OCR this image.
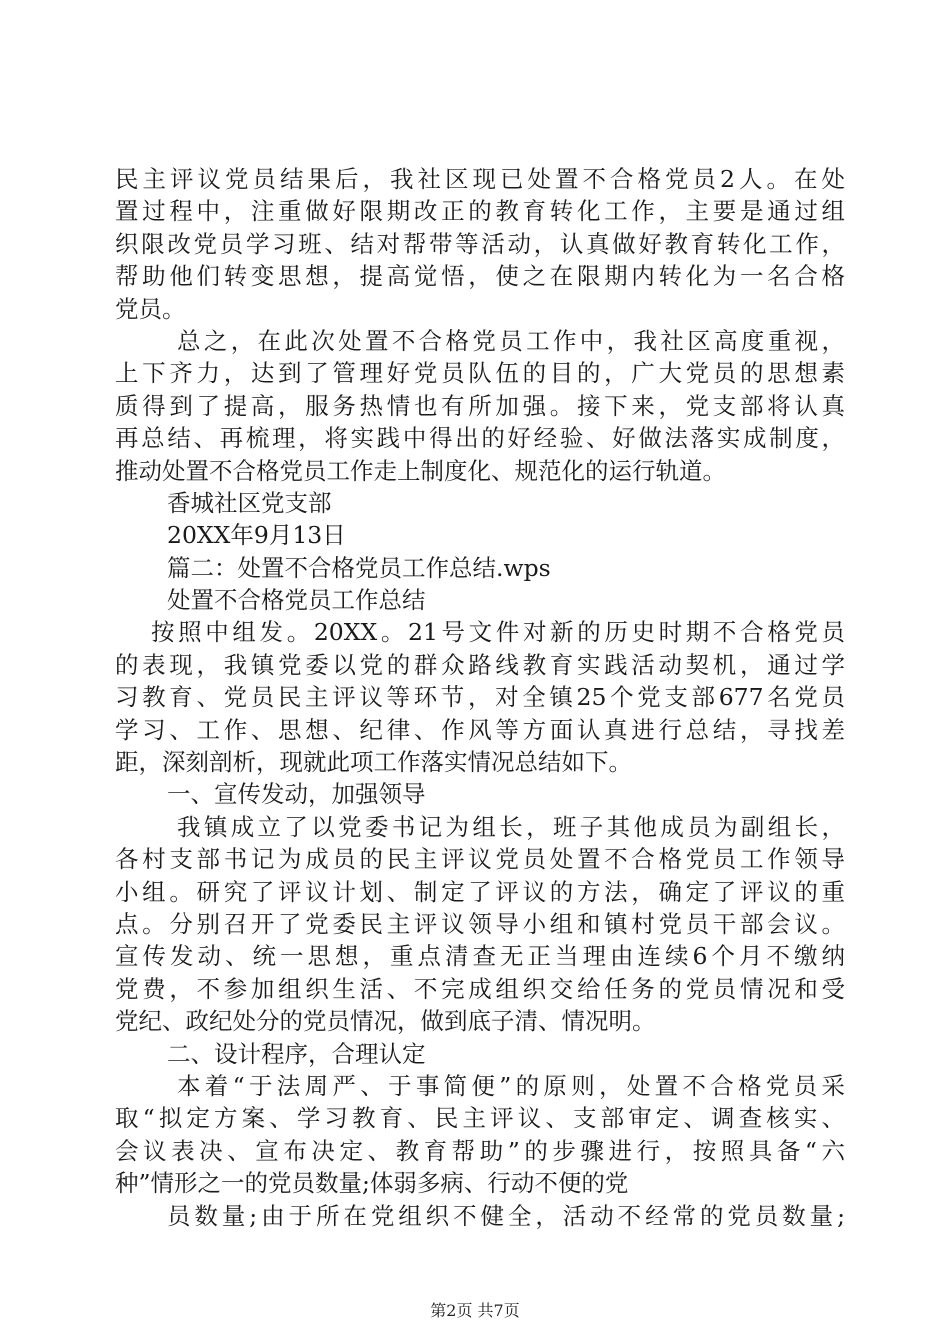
民主评议党员结果后，我社区现已处置不合格党员2人。在处
置过程中，注重做好限期改正的教育转化工作，主要是通过组
织限改党员学习班、结对帮带等活动，认真做好教育转化工作，
帮助他们转变思想，提高觉悟，使之在限期内转化为一名合格
党员。
总之，在此次处置不合格党员工作中，我社区高度重视，
上下齐力，达到了管理好党员队伍的目的，广大党员的思想素
质得到了提高，服务热情也有所加强。接下来，党支部将认真
再总结、再梳理，将实践中得出的好经验、好做法落实成制度，
推动处置不合格党员工作走上制度化、规范化的运行轨道。
香城社区党支部
20XX年9月13日
篇二：处置不合格党员工作总结.wps
处置不合格党员工作总结
按照中组发。20XX。21号文件对新的历史时期不合格党员
的表现，我镇党委以党的群众路线教育实践活动契机，通过学
习教育、党员民主评议等环节，对全镇25个党支部677名党员
学习、工作、思想、纪律、作风等方面认真进行总结，寻找差
距，深刻剖析，现就此项工作落实情况总结如下。
一、宣传发动，加强领导
我镇成立了以党委书记为组长，班子其他成员为副组长，
各村支部书记为成员的民主评议党员处置不合格党员工作领导
小组。研究了评议计划、制定了评议的方法，确定了评议的重
点。分别召开了党委民主评议领导小组和镇村党员干部会议。
宣传发动、统一思想，重点清查无正当理由连续6个月不缴纳
党费，不参加组织生活、不完成组织交给任务的党员情况和受
党纪、政纪处分的党员情况，做到底子清、情况明。
二、设计程序，合理认定
本着“于法周严、于事简便”的原则，处置不合格党员采
取“拟定方案、学习教育、民主评议、支部审定、调查核实、
会议表决、宣布决定、教育帮助”的步骤进行，按照具备“六
种”情形之一的党员数量;体弱多病、行动不便的党
员数量;由于所在党组织不健全，活动不经常的党员数量;
第2页 共7页
